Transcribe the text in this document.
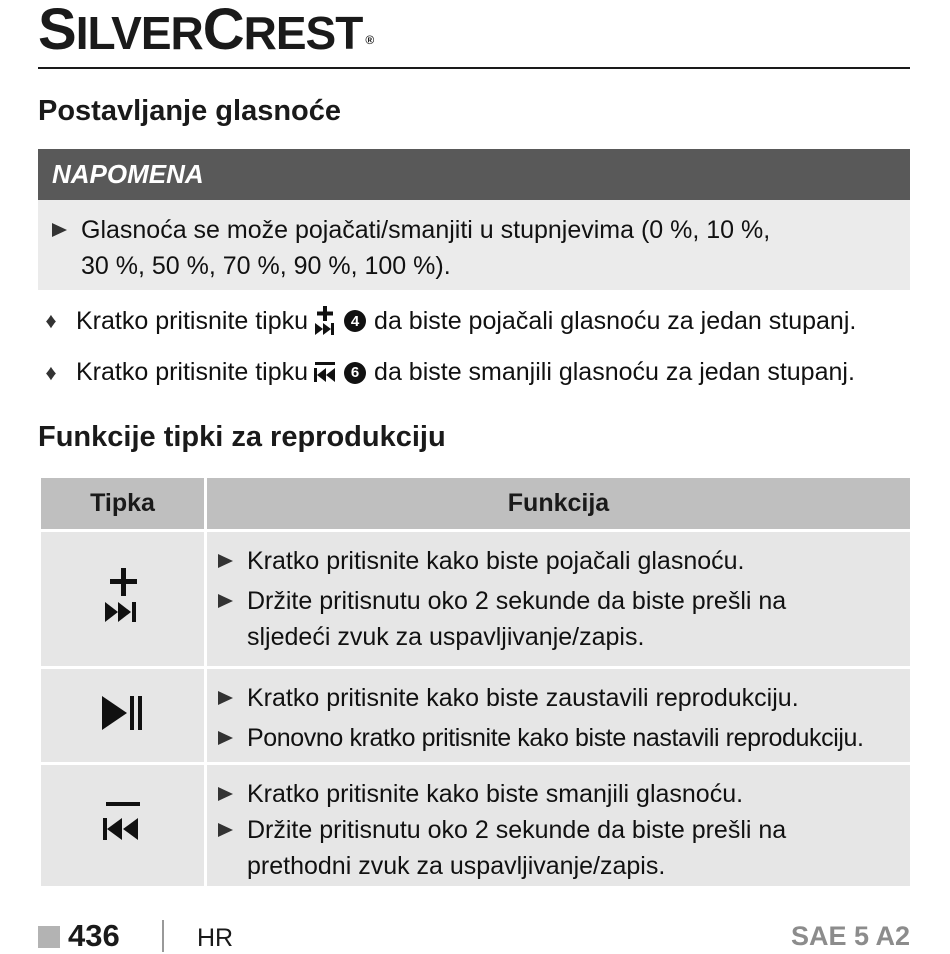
SILVERCREST ®
Postavljanje glasnoće
NAPOMENA
Glasnoća se može pojačati/smanjiti u stupnjevima (0 %, 10 %,
30 %, 50 %, 70 %, 90 %, 100 %).
♦ Kratko pritisnite tipku	4 da biste pojačali glasnoću za jedan stupanj.
♦ Kratko pritisnite tipku	6 da biste smanjili glasnoću za jedan stupanj.
Funkcije tipki za reprodukciju
Tipka	Funkcija

Kratko pritisnite kako biste pojačali glasnoću.
Držite pritisnutu oko 2 sekunde da biste prešli na
sljedeći zvuk za uspavljivanje/zapis.

Kratko pritisnite kako biste zaustavili reprodukciju.
Ponovno kratko pritisnite kako biste nastavili reprodukciju.

Kratko pritisnite kako biste smanjili glasnoću.
Držite pritisnutu oko 2 sekunde da biste prešli na
prethodni zvuk za uspavljivanje/zapis.
436	HR	SAE 5 A2
